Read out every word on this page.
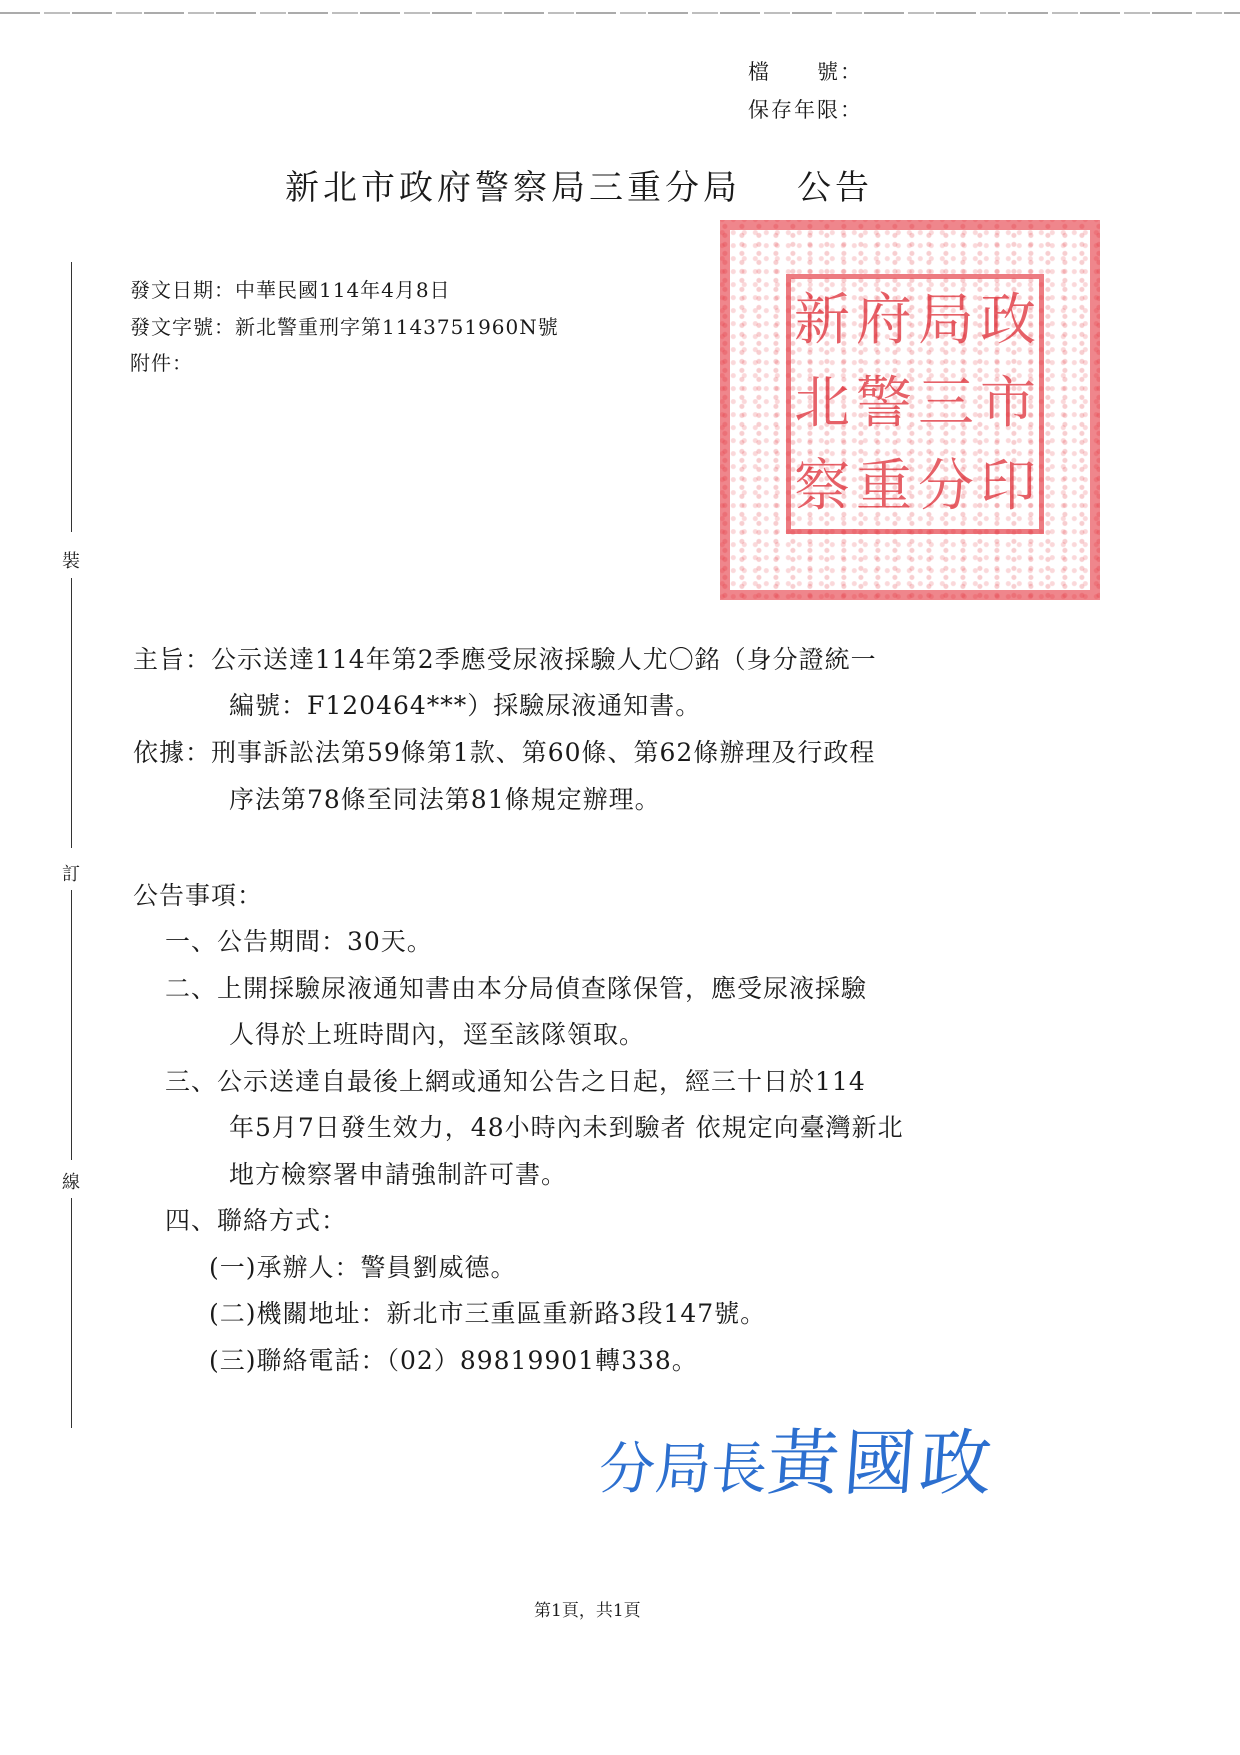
檔　　號：
保存年限：
新北市政府警察局三重分局 公告
新 府 局 政
北 警 三 市
察 重 分 印
發文日期：中華民國114年4月8日
發文字號：新北警重刑字第1143751960N號
附件：
裝
訂
線
主旨：公示送達114年第2季應受尿液採驗人尤〇銘（身分證統一
編號：F120464***）採驗尿液通知書。
依據：刑事訴訟法第59條第1款、第60條、第62條辦理及行政程
序法第78條至同法第81條規定辦理。
公告事項：
一、公告期間：30天。
二、上開採驗尿液通知書由本分局偵查隊保管，應受尿液採驗
人得於上班時間內，逕至該隊領取。
三、公示送達自最後上網或通知公告之日起，經三十日於114
年5月7日發生效力，48小時內未到驗者 依規定向臺灣新北
地方檢察署申請強制許可書。
四、聯絡方式：
(一)承辦人：警員劉威德。
(二)機關地址：新北市三重區重新路3段147號。
(三)聯絡電話：（02）89819901轉338。
分局長黃國政
第1頁，共1頁
